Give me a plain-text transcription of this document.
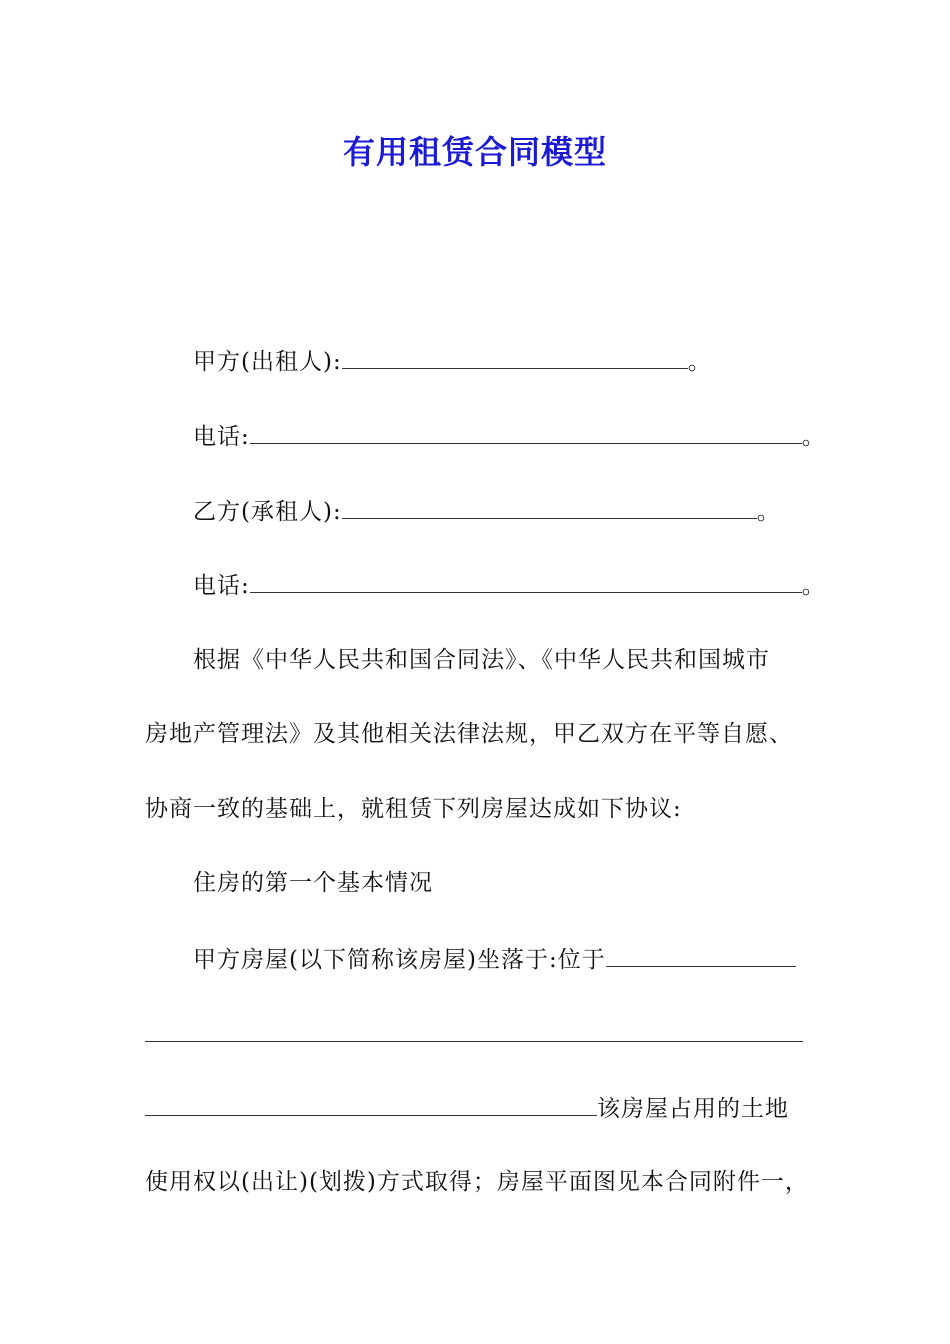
有用租赁合同模型
甲方(出租人):	。
电话:	。
乙方(承租人):	。
电话:	。
根据《中华人民共和国合同法》、《中华人民共和国城市
房地产管理法》及其他相关法律法规，甲乙双方在平等自愿、
协商一致的基础上，就租赁下列房屋达成如下协议:
住房的第一个基本情况
甲方房屋(以下简称该房屋)坐落于:位于
该房屋占用的土地
使用权以(出让)(划拨)方式取得；房屋平面图见本合同附件一，
